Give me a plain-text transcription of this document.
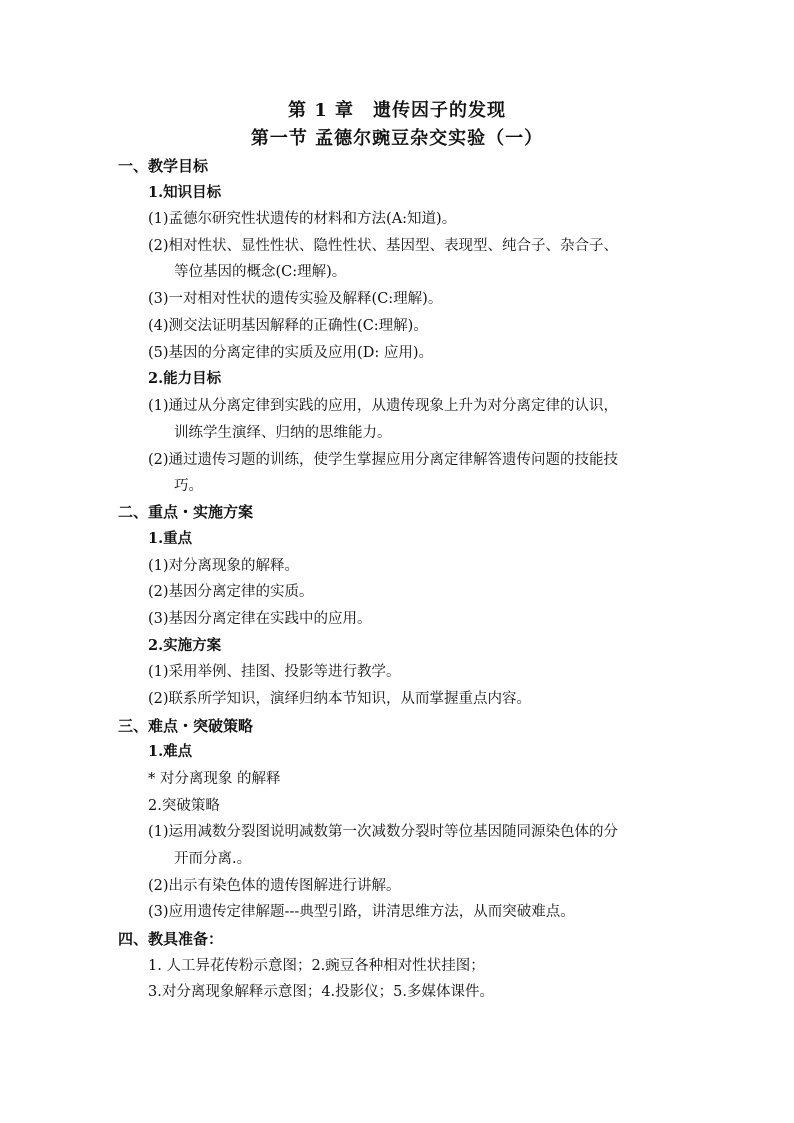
第 1 章　遗传因子的发现
第一节 孟德尔豌豆杂交实验（一）
一、教学目标
1.知识目标
(1)孟德尔研究性状遗传的材料和方法(A:知道)。
(2)相对性状、显性性状、隐性性状、基因型、表现型、纯合子、杂合子、
等位基因的概念(C:理解)。
(3)一对相对性状的遗传实验及解释(C:理解)。
(4)测交法证明基因解释的正确性(C:理解)。
(5)基因的分离定律的实质及应用(D: 应用)。
2.能力目标
(1)通过从分离定律到实践的应用，从遗传现象上升为对分离定律的认识，
训练学生演绎、归纳的思维能力。
(2)通过遗传习题的训练，使学生掌握应用分离定律解答遗传问题的技能技
巧。
二、重点・实施方案
1.重点
(1)对分离现象的解释。
(2)基因分离定律的实质。
(3)基因分离定律在实践中的应用。
2.实施方案
(1)采用举例、挂图、投影等进行教学。
(2)联系所学知识，演绎归纳本节知识，从而掌握重点内容。
三、难点・突破策略
1.难点
* 对分离现象 的解释
2.突破策略
(1)运用减数分裂图说明减数第一次减数分裂时等位基因随同源染色体的分
开而分离.。
(2)出示有染色体的遗传图解进行讲解。
(3)应用遗传定律解题---典型引路，讲清思维方法，从而突破难点。
四、教具准备：
1. 人工异花传粉示意图；2.豌豆各种相对性状挂图；
3.对分离现象解释示意图；4.投影仪；5.多媒体课件。
